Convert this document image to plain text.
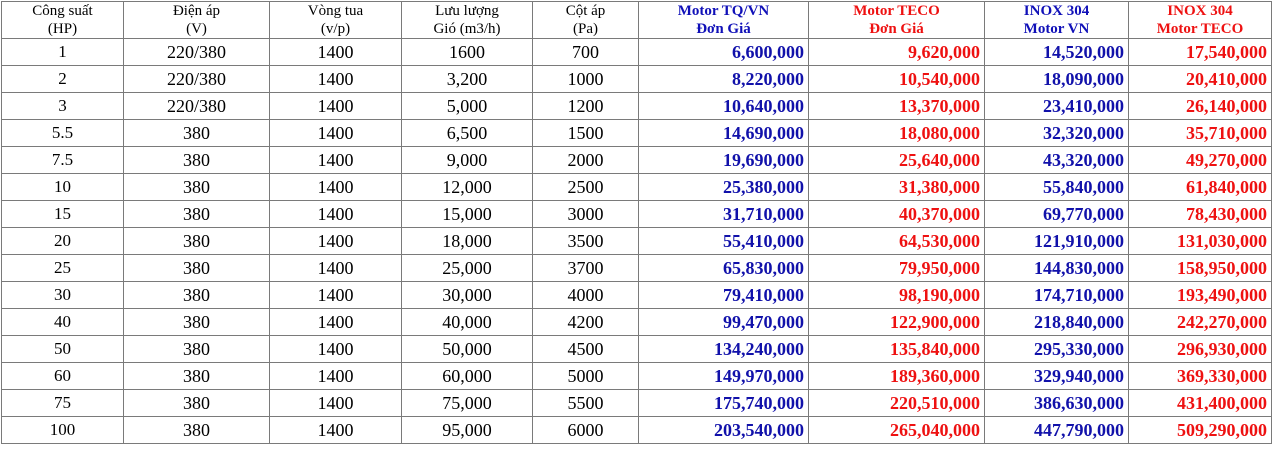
Công suất	Điện áp	Vòng tua	Lưu lượng	Cột áp	Motor TQ/VN	Motor TECO	INOX 304	INOX 304
(HP)	(V)	(v/p)	Gió (m3/h)	(Pa)	Đơn Giá	Đơn Giá	Motor VN	Motor TECO
1	220/380	1400	1600	700	6,600,000	9,620,000	14,520,000	17,540,000
2	220/380	1400	3,200	1000	8,220,000	10,540,000	18,090,000	20,410,000
3	220/380	1400	5,000	1200	10,640,000	13,370,000	23,410,000	26,140,000
5.5	380	1400	6,500	1500	14,690,000	18,080,000	32,320,000	35,710,000
7.5	380	1400	9,000	2000	19,690,000	25,640,000	43,320,000	49,270,000
10	380	1400	12,000	2500	25,380,000	31,380,000	55,840,000	61,840,000
15	380	1400	15,000	3000	31,710,000	40,370,000	69,770,000	78,430,000
20	380	1400	18,000	3500	55,410,000	64,530,000	121,910,000	131,030,000
25	380	1400	25,000	3700	65,830,000	79,950,000	144,830,000	158,950,000
30	380	1400	30,000	4000	79,410,000	98,190,000	174,710,000	193,490,000
40	380	1400	40,000	4200	99,470,000	122,900,000	218,840,000	242,270,000
50	380	1400	50,000	4500	134,240,000	135,840,000	295,330,000	296,930,000
60	380	1400	60,000	5000	149,970,000	189,360,000	329,940,000	369,330,000
75	380	1400	75,000	5500	175,740,000	220,510,000	386,630,000	431,400,000
100	380	1400	95,000	6000	203,540,000	265,040,000	447,790,000	509,290,000
